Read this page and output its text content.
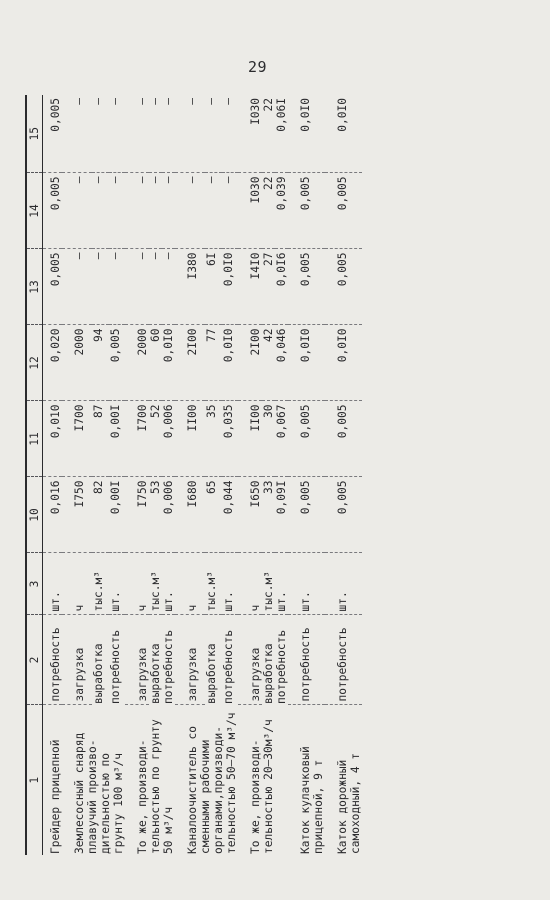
29
1	2	3	10	11	12	13	14	15
Грейдер прицепной	потребность	шт.	0,016	0,010	0,020	0,005	0,005	0,005
Землесосный снаряд плавучий произво-дительностью по грунту 100 м³/ч	загрузка	ч	I750	I700	2000	–	–	–
	выработка	тыс.м³	82	87	94	–	–	–
	потребность	шт.	0,00I	0,00I	0,005	–	–	–
То же, производи-тельностью по грунту 50 м³/ч	загрузка	ч	I750	I700	2000	–	–	–
	выработка	тыс.м³	53	52	60	–	–	–
	потребность	шт.	0,006	0,006	0,0I0	–	–	–
Каналоочиститель со сменными рабочими органами,производи-тельностью 50–70 м³/ч	загрузка	ч	I680	II00	2I00	I380	–	–
	выработка	тыс.м³	65	35	77	6I	–	–
	потребность	шт.	0,044	0,035	0,0I0	0,0I0	–	–
То же, производи-тельностью 20–30м³/ч	загрузка	ч	I650	II00	2I00	I4I0	I030	I030
	выработка	тыс.м³	33	30	42	27	22	22
	потребность	шт.	0,09I	0,067	0,046	0,0I6	0,039	0,06I
Каток кулачковый прицепной, 9 т	потребность	шт.	0,005	0,005	0,0I0	0,005	0,005	0,0I0
Каток дорожный самоходный, 4 т	потребность	шт.	0,005	0,005	0,0I0	0,005	0,005	0,0I0
